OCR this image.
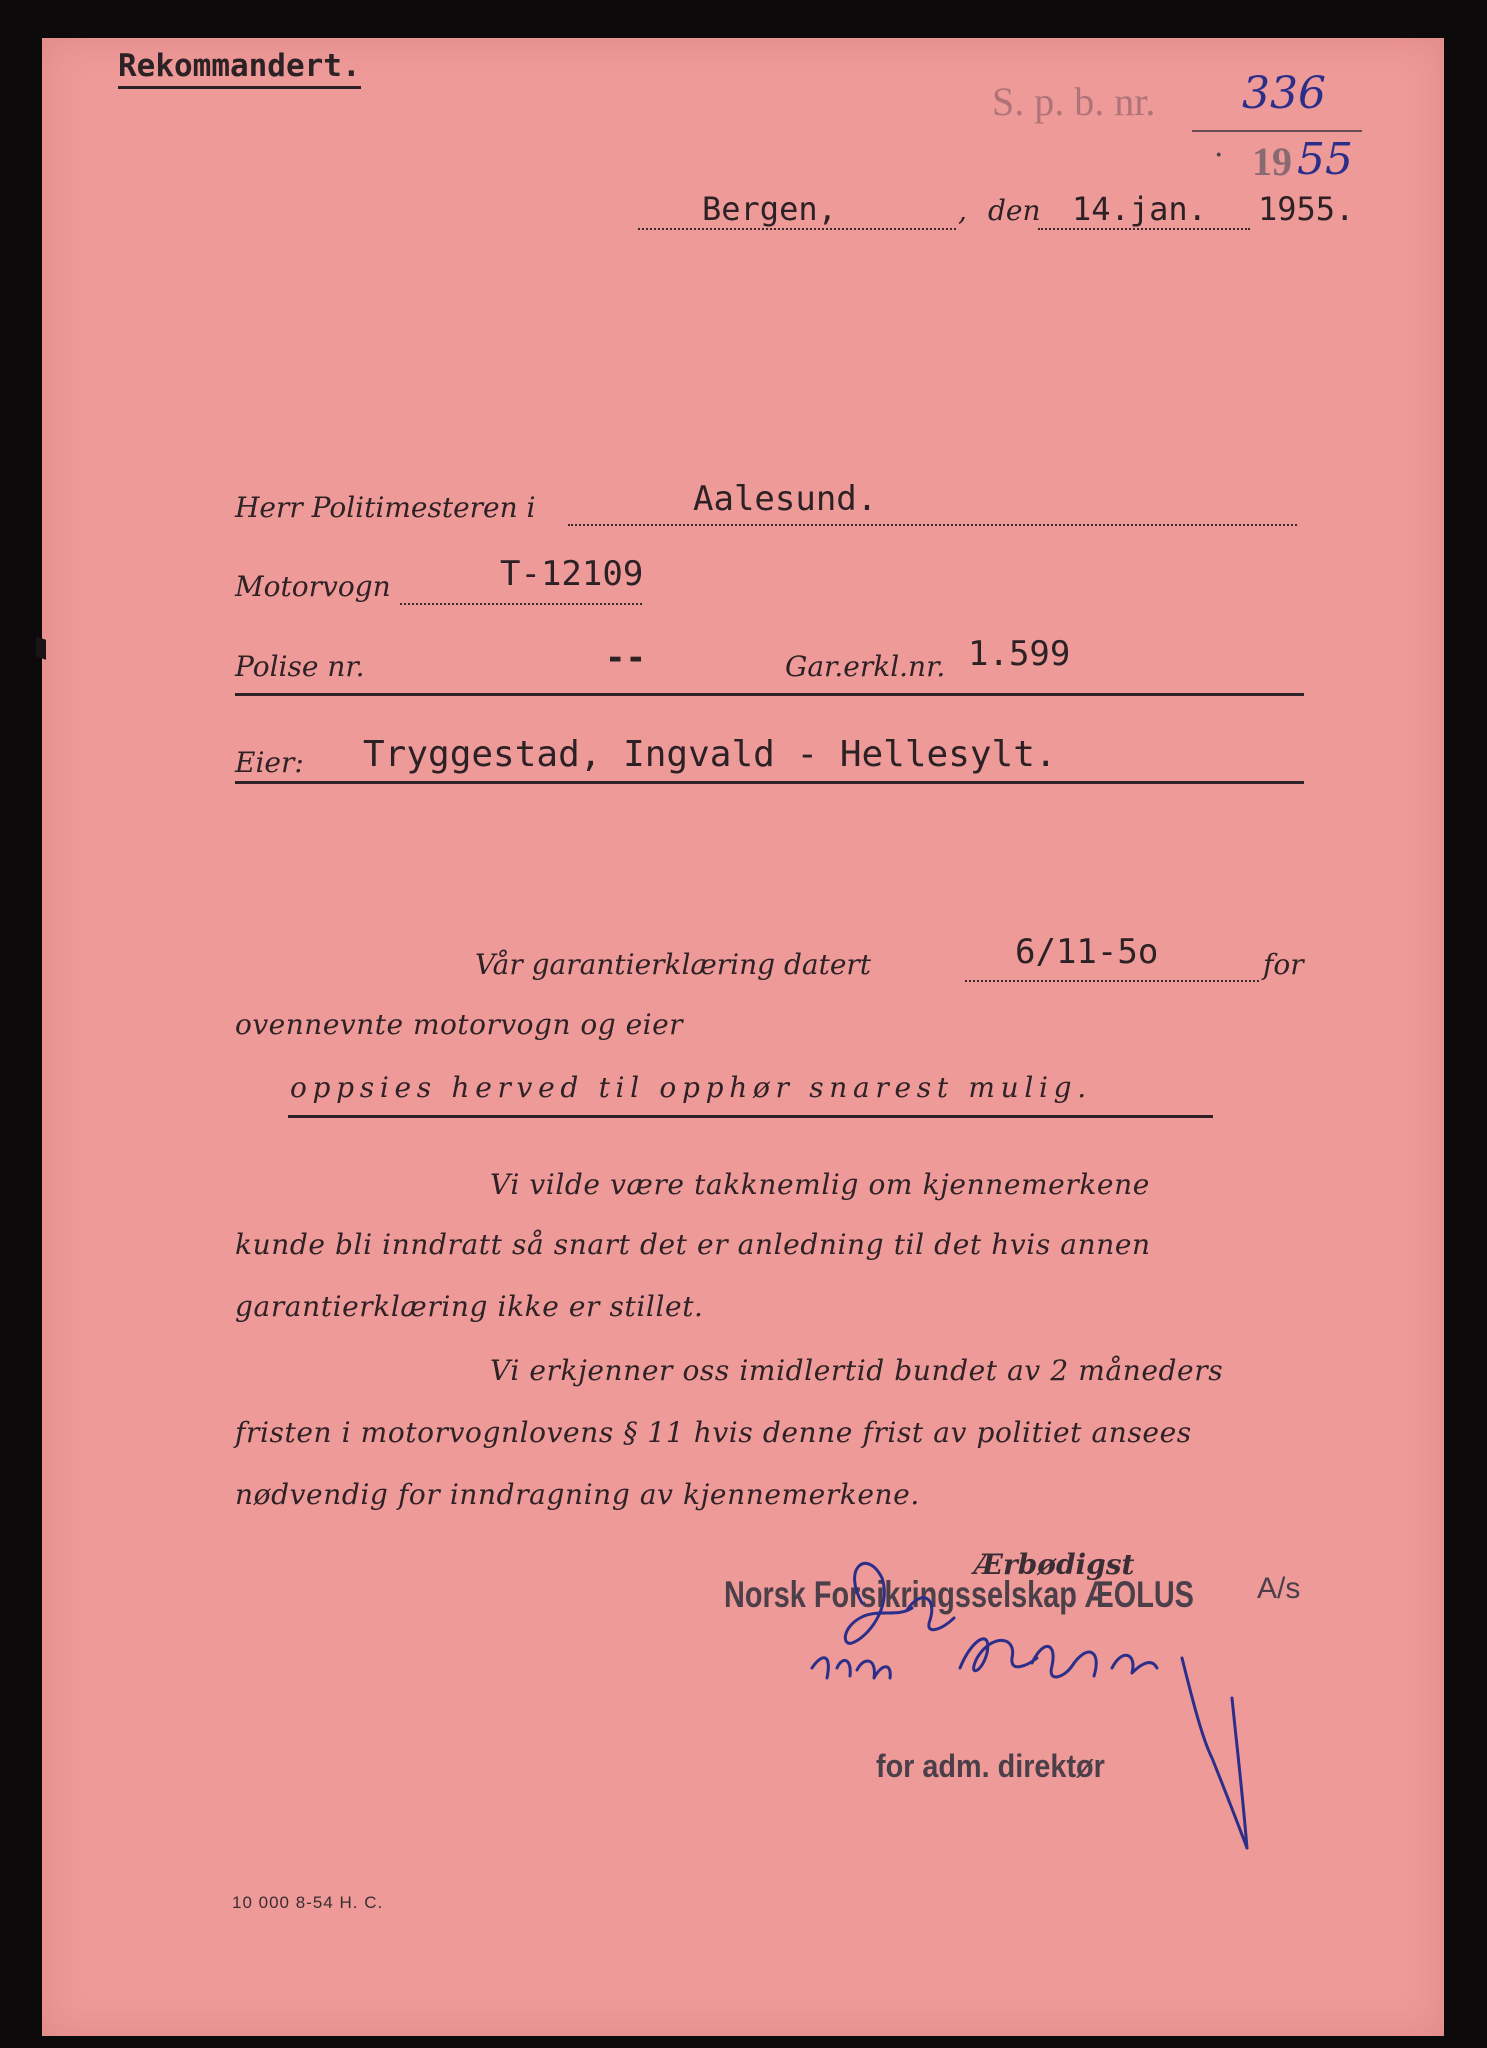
Rekommandert.
S. p. b. nr. 336
· 19 55
Bergen,	, den 14.jan. 1955.
Herr Politimesteren i	Aalesund.
Motorvogn	T-12109
Polise nr.	--	Gar.erkl.nr. 1.599
Eier: Tryggestad, Ingvald - Hellesylt.
Vår garantierklæring datert	6/11-5o	for
ovennevnte motorvogn og eier
oppsies herved til opphør snarest mulig.
Vi vilde være takknemlig om kjennemerkene
kunde bli inndratt så snart det er anledning til det hvis annen
garantierklæring ikke er stillet.
Vi erkjenner oss imidlertid bundet av 2 måneders
fristen i motorvognlovens § 11 hvis denne frist av politiet ansees
nødvendig for inndragning av kjennemerkene.
Ærbødigst
Norsk Forsikringsselskap ÆOLUS A/s
for adm. direktør
10 000 8-54 H. C.
